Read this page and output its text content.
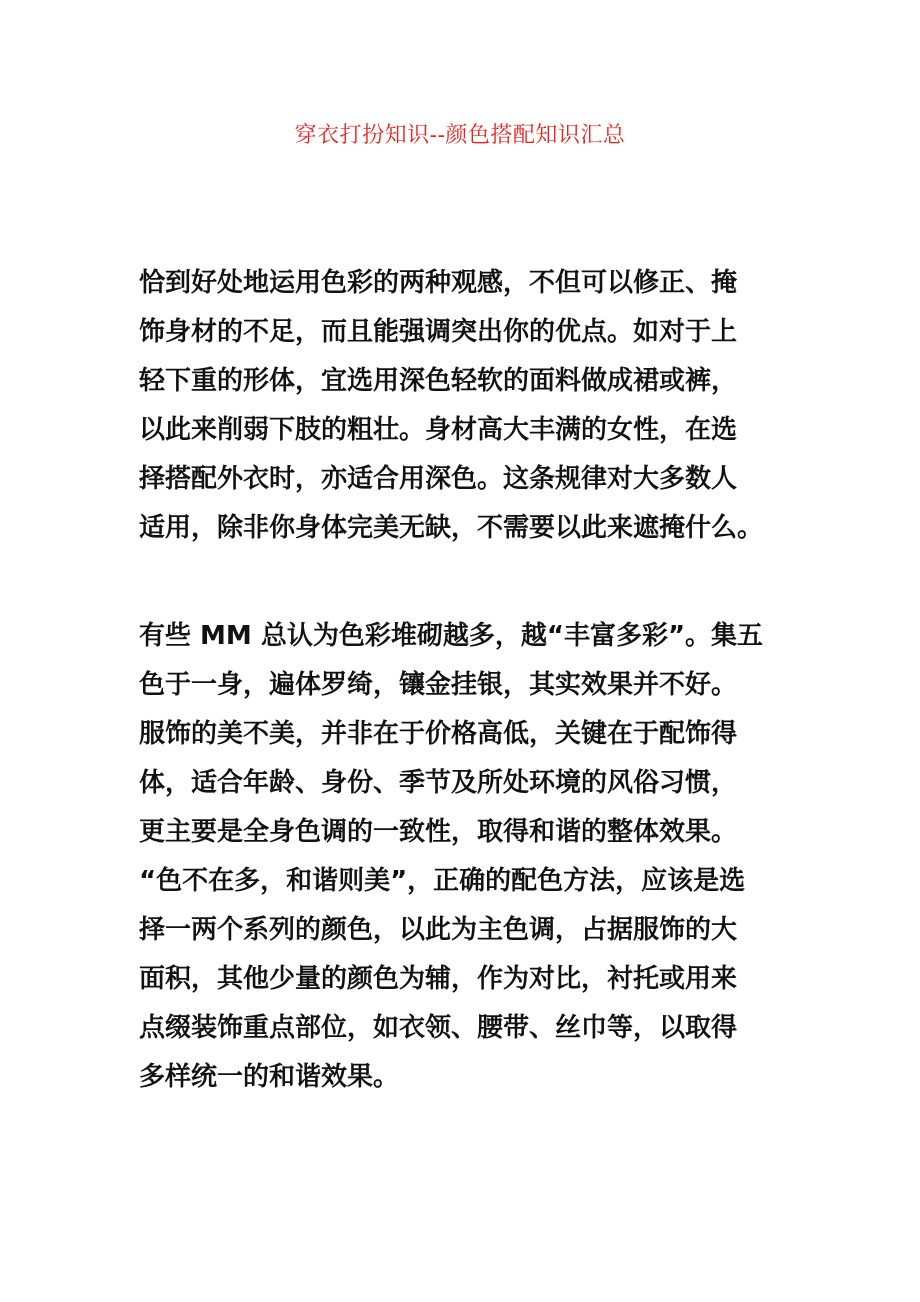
穿衣打扮知识--颜色搭配知识汇总

恰到好处地运用色彩的两种观感，不但可以修正、掩
饰身材的不足，而且能强调突出你的优点。如对于上
轻下重的形体，宜选用深色轻软的面料做成裙或裤，
以此来削弱下肢的粗壮。身材高大丰满的女性，在选
择搭配外衣时，亦适合用深色。这条规律对大多数人
适用，除非你身体完美无缺，不需要以此来遮掩什么。

有些 MM 总认为色彩堆砌越多，越“丰富多彩”。集五
色于一身，遍体罗绮，镶金挂银，其实效果并不好。
服饰的美不美，并非在于价格高低，关键在于配饰得
体，适合年龄、身份、季节及所处环境的风俗习惯，
更主要是全身色调的一致性，取得和谐的整体效果。
“色不在多，和谐则美”，正确的配色方法，应该是选
择一两个系列的颜色，以此为主色调，占据服饰的大
面积，其他少量的颜色为辅，作为对比，衬托或用来
点缀装饰重点部位，如衣领、腰带、丝巾等，以取得
多样统一的和谐效果。
